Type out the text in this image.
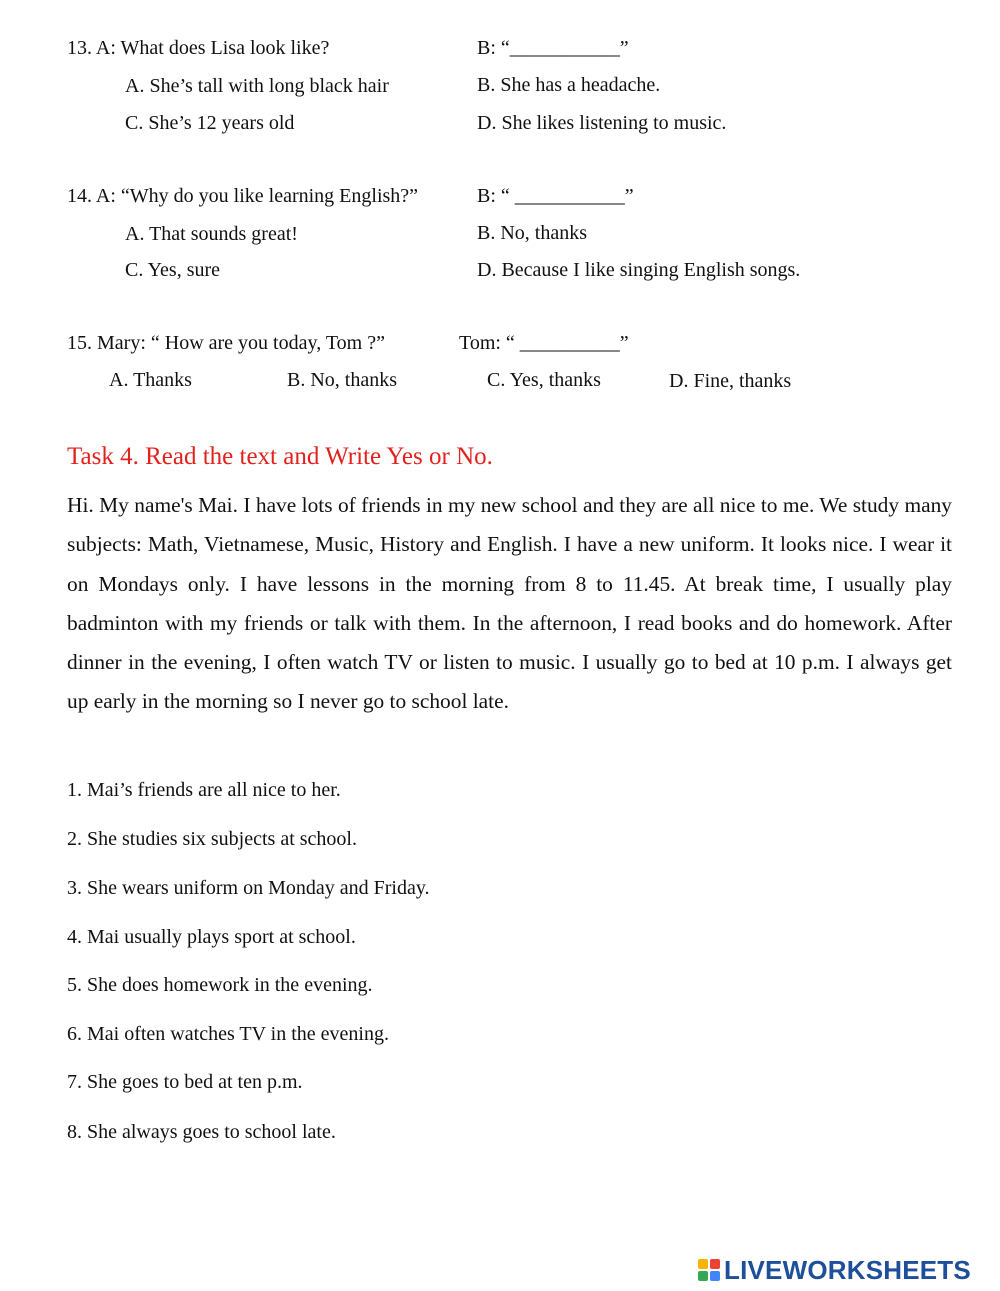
13. A: What does Lisa look like?	B: “___________”
A. She’s tall with long black hair	B. She has a headache.
C. She’s 12 years old	D. She likes listening to music.
14. A: “Why do you like learning English?”	B: “ ___________”
A. That sounds great!	B. No, thanks
C. Yes, sure	D. Because I like singing English songs.
15. Mary: “ How are you today, Tom ?”	Tom: “ __________”
A. Thanks	B. No, thanks	C. Yes, thanks	D. Fine, thanks
Task 4. Read the text and Write Yes or No.

Hi. My name's Mai. I have lots of friends in my new school and they are all nice to me. We study many subjects: Math, Vietnamese, Music, History and English. I have a new uniform. It looks nice. I wear it on Mondays only. I have lessons in the morning from 8 to 11.45. At break time, I usually play badminton with my friends or talk with them. In the afternoon, I read books and do homework. After dinner in the evening, I often watch TV or listen to music. I usually go to bed at 10 p.m. I always get up early in the morning so I never go to school late.

1. Mai’s friends are all nice to her.
2. She studies six subjects at school.
3. She wears uniform on Monday and Friday.
4. Mai usually plays sport at school.
5. She does homework in the evening.
6. Mai often watches TV in the evening.
7. She goes to bed at ten p.m.
8. She always goes to school late.
LIVEWORKSHEETS
